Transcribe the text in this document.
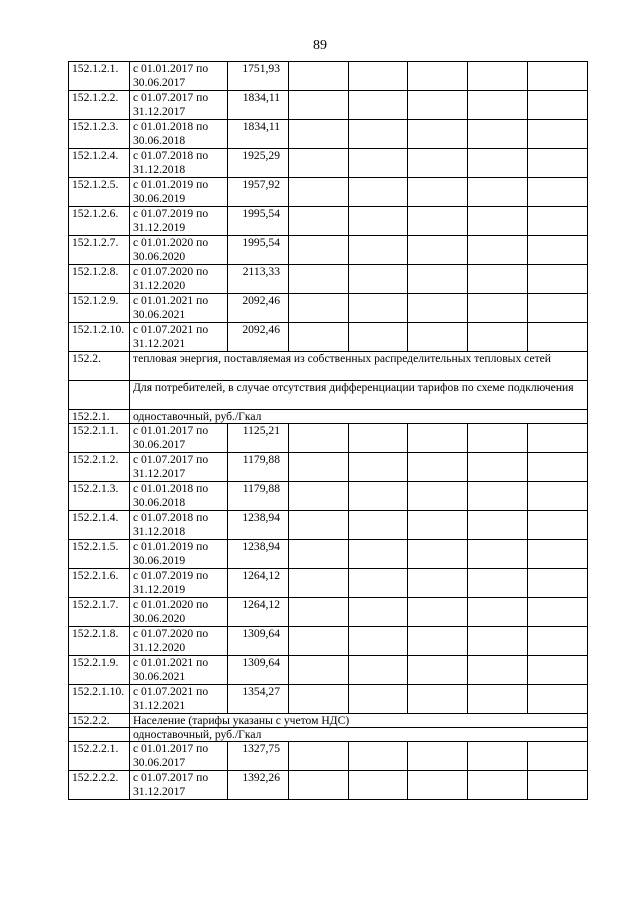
89
152.1.2.1.	с 01.01.2017 по 30.06.2017	1751,93					
152.1.2.2.	с 01.07.2017 по 31.12.2017	1834,11					
152.1.2.3.	с 01.01.2018 по 30.06.2018	1834,11					
152.1.2.4.	с 01.07.2018 по 31.12.2018	1925,29					
152.1.2.5.	с 01.01.2019 по 30.06.2019	1957,92					
152.1.2.6.	с 01.07.2019 по 31.12.2019	1995,54					
152.1.2.7.	с 01.01.2020 по 30.06.2020	1995,54					
152.1.2.8.	с 01.07.2020 по 31.12.2020	2113,33					
152.1.2.9.	с 01.01.2021 по 30.06.2021	2092,46					
152.1.2.10.	с 01.07.2021 по 31.12.2021	2092,46					
152.2.	тепловая энергия, поставляемая из собственных распределительных тепловых сетей						
	Для потребителей, в случае отсутствия дифференциации тарифов по схеме подключения						
152.2.1.	одноставочный, руб./Гкал						
152.2.1.1.	с 01.01.2017 по 30.06.2017	1125,21					
152.2.1.2.	с 01.07.2017 по 31.12.2017	1179,88					
152.2.1.3.	с 01.01.2018 по 30.06.2018	1179,88					
152.2.1.4.	с 01.07.2018 по 31.12.2018	1238,94					
152.2.1.5.	с 01.01.2019 по 30.06.2019	1238,94					
152.2.1.6.	с 01.07.2019 по 31.12.2019	1264,12					
152.2.1.7.	с 01.01.2020 по 30.06.2020	1264,12					
152.2.1.8.	с 01.07.2020 по 31.12.2020	1309,64					
152.2.1.9.	с 01.01.2021 по 30.06.2021	1309,64					
152.2.1.10.	с 01.07.2021 по 31.12.2021	1354,27					
152.2.2.	Население (тарифы указаны с учетом НДС)						
	одноставочный, руб./Гкал						
152.2.2.1.	с 01.01.2017 по 30.06.2017	1327,75					
152.2.2.2.	с 01.07.2017 по 31.12.2017	1392,26					
